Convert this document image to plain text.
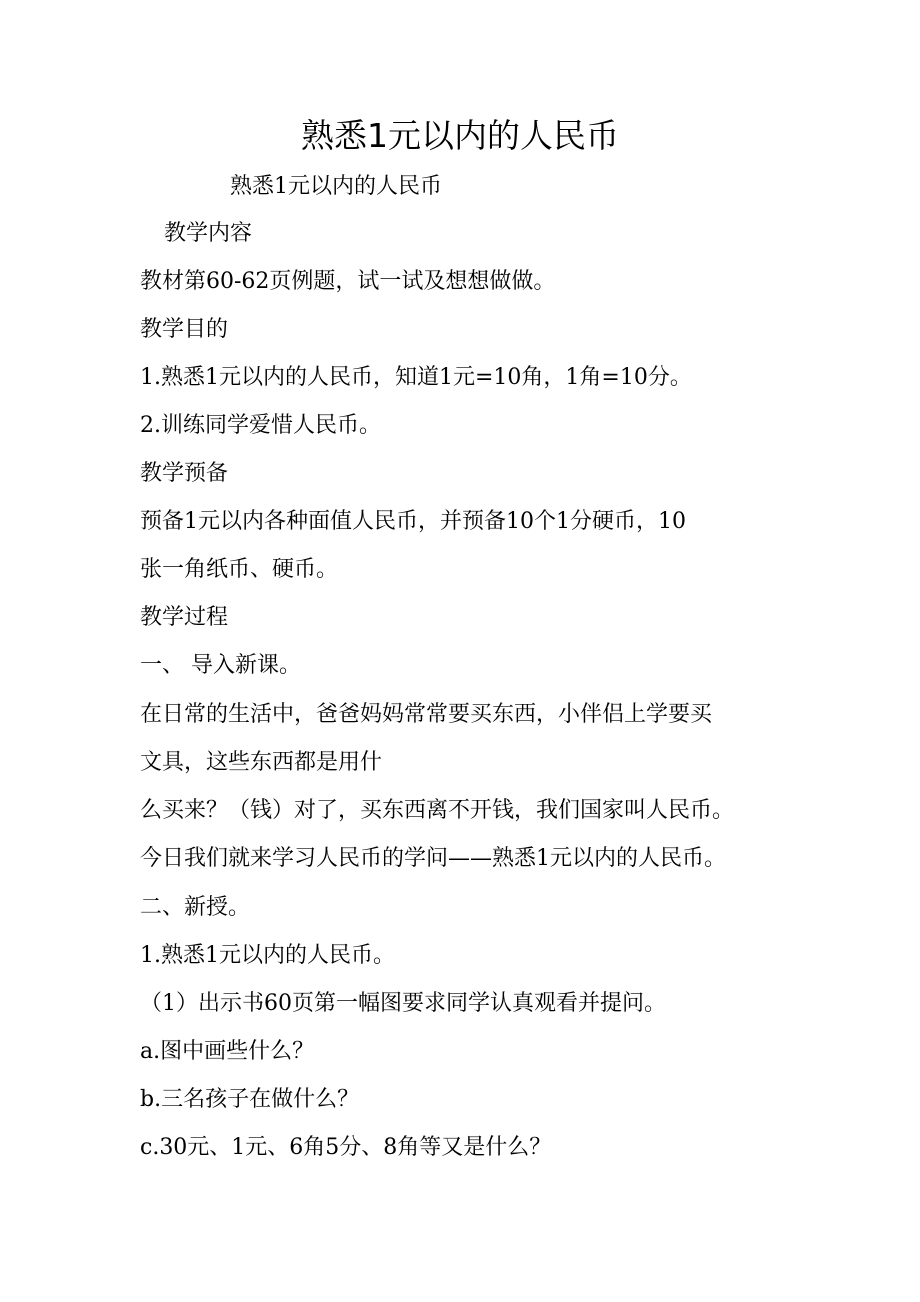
熟悉1元以内的人民币

熟悉1元以内的人民币

教学内容

教材第60-62页例题，试一试及想想做做。

教学目的

1.熟悉1元以内的人民币，知道1元=10角，1角=10分。

2.训练同学爱惜人民币。

教学预备

预备1元以内各种面值人民币，并预备10个1分硬币，10

张一角纸币、硬币。

教学过程

一、 导入新课。

在日常的生活中，爸爸妈妈常常要买东西，小伴侣上学要买

文具，这些东西都是用什

么买来？（钱）对了，买东西离不开钱，我们国家叫人民币。

今日我们就来学习人民币的学问——熟悉1元以内的人民币。

二、新授。

1.熟悉1元以内的人民币。

（1）出示书60页第一幅图要求同学认真观看并提问。

a.图中画些什么？

b.三名孩子在做什么？

c.30元、1元、6角5分、8角等又是什么？
